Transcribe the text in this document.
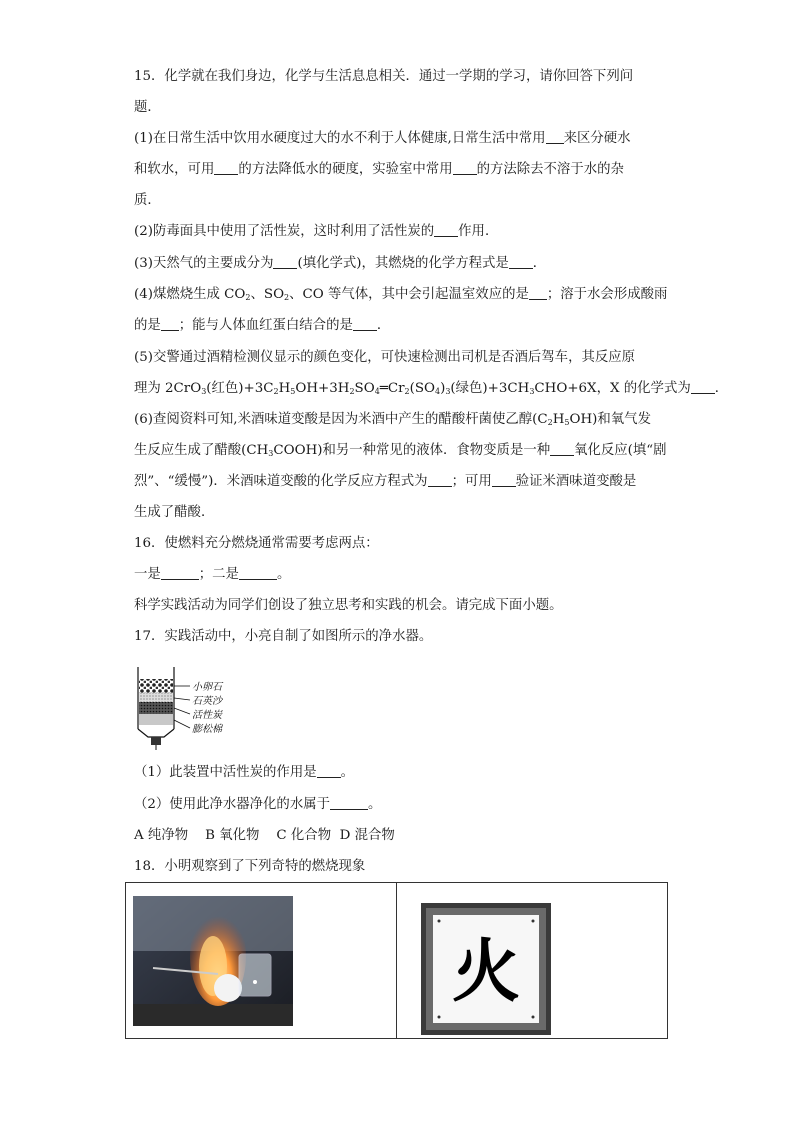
15．化学就在我们身边，化学与生活息息相关．通过一学期的学习，请你回答下列问
题．
(1)在日常生活中饮用水硬度过大的水不利于人体健康,日常生活中常用 来区分硬水
和软水，可用 的方法降低水的硬度，实验室中常用 的方法除去不溶于水的杂
质．
(2)防毒面具中使用了活性炭，这时利用了活性炭的 作用．
(3)天然气的主要成分为 (填化学式)，其燃烧的化学方程式是 ．
(4)煤燃烧生成 $CO_2$、$SO_2$、CO 等气体，其中会引起温室效应的是 ；溶于水会形成酸雨
的是 ；能与人体血红蛋白结合的是 ．
(5)交警通过酒精检测仪显示的颜色变化，可快速检测出司机是否酒后驾车，其反应原
理为 2CrO$_3$(红色)$+3C_2H_5OH+3H_2SO_4═Cr_2(SO_4)_3$(绿色)$+3CH_3CHO+6X$，X 的化学式为 ．
(6)查阅资料可知,米酒味道变酸是因为米酒中产生的醋酸杆菌使乙醇$(C_2H_5OH)$和氧气发
生反应生成了醋酸$(CH_3COOH)$和另一种常见的液体．食物变质是一种 氧化反应(填“剧
烈”、“缓慢”)．米酒味道变酸的化学反应方程式为 ；可用 验证米酒味道变酸是
生成了醋酸．
16．使燃料充分燃烧通常需要考虑两点：
一是	；二是	。
科学实践活动为同学们创设了独立思考和实践的机会。请完成下面小题。
17．实践活动中，小亮自制了如图所示的净水器。
小卵石
石英沙
活性炭
膨松棉
（1）此装置中活性炭的作用是 。
（2）使用此净水器净化的水属于	。
A 纯净物    B 氧化物    C 化合物  D 混合物
18．小明观察到了下列奇特的燃烧现象

火
